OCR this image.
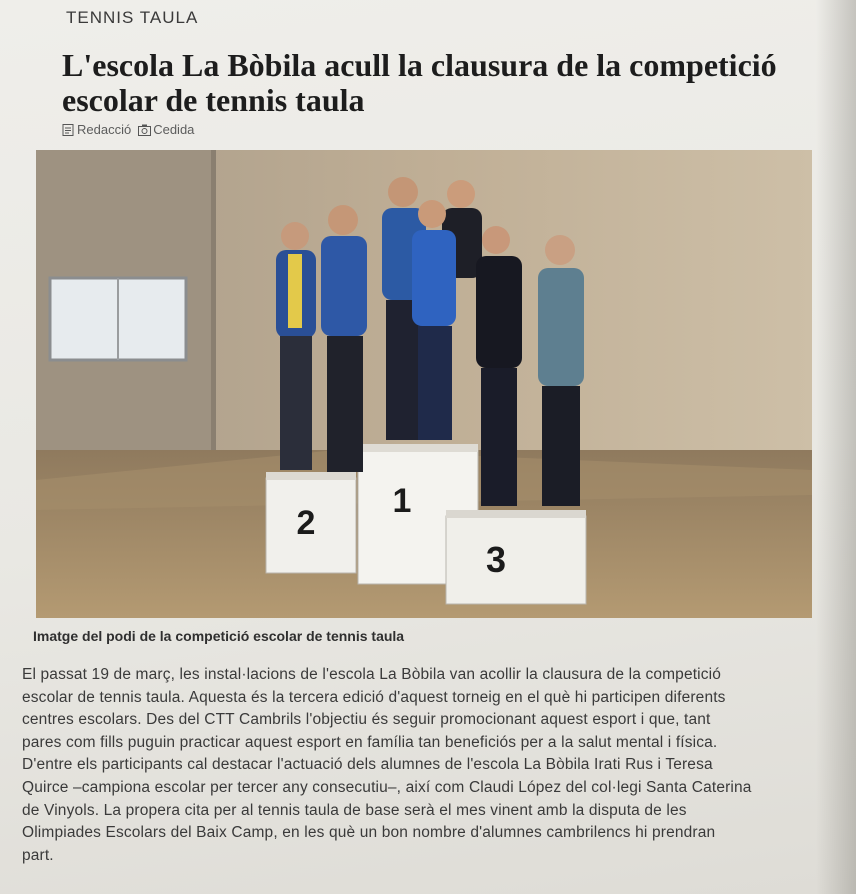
TENNIS TAULA
L'escola La Bòbila acull la clausura de la competició escolar de tennis taula
Redacció Cedida
2
1
3
Imatge del podi de la competició escolar de tennis taula

El passat 19 de març, les instal·lacions de l'escola La Bòbila van acollir la clausura de la competició
escolar de tennis taula. Aquesta és la tercera edició d'aquest torneig en el què hi participen diferents
centres escolars. Des del CTT Cambrils l'objectiu és seguir promocionant aquest esport i que, tant
pares com fills puguin practicar aquest esport en família tan beneficiós per a la salut mental i física.
D'entre els participants cal destacar l'actuació dels alumnes de l'escola La Bòbila Irati Rus i Teresa
Quirce –campiona escolar per tercer any consecutiu–, així com Claudi López del col·legi Santa Caterina
de Vinyols. La propera cita per al tennis taula de base serà el mes vinent amb la disputa de les
Olimpiades Escolars del Baix Camp, en les què un bon nombre d'alumnes cambrilencs hi prendran
part.
